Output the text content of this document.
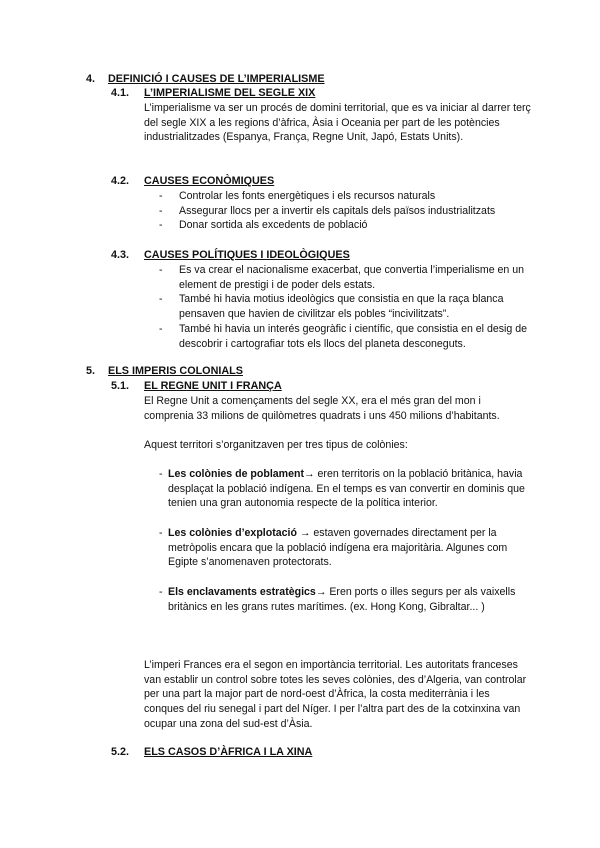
4. DEFINICIÓ I CAUSES DE L’IMPERIALISME
4.1. L’IMPERIALISME DEL SEGLE XIX

L’imperialisme va ser un procés de domini territorial, que es va iniciar al darrer terç del segle XIX a les regions d’àfrica, Àsia i Oceania per part de les potències industrialitzades (Espanya, França, Regne Unit, Japó, Estats Units).

4.2. CAUSES ECONÒMIQUES
- Controlar les fonts energètiques i els recursos naturals
- Assegurar llocs per a invertir els capitals dels països industrialitzats
- Donar sortida als excedents de població
4.3. CAUSES POLÍTIQUES I IDEOLÒGIQUES
- Es va crear el nacionalisme exacerbat, que convertia l’imperialisme en un element de prestigi i de poder dels estats.
- També hi havia motius ideològics que consistia en que la raça blanca pensaven que havien de civilitzar els pobles “incivilitzats”.
- També hi havia un interés geogràfic i científic, que consistia en el desig de descobrir i cartografiar tots els llocs del planeta desconeguts.
5. ELS IMPERIS COLONIALS
5.1. EL REGNE UNIT I FRANÇA

El Regne Unit a començaments del segle XX, era el més gran del mon i comprenia 33 milions de quilòmetres quadrats i uns 450 milions d’habitants.

Aquest territori s’organitzaven per tres tipus de colònies:

- Les colònies de poblament→ eren territoris on la població britànica, havia desplaçat la població indígena. En el temps es van convertir en dominis que tenien una gran autonomia respecte de la política interior.
- Les colònies d’explotació → estaven governades directament per la metròpolis encara que la població indígena era majoritària. Algunes com Egipte s’anomenaven protectorats.
- Els enclavaments estratègics→ Eren ports o illes segurs per als vaixells britànics en les grans rutes marítimes. (ex. Hong Kong, Gibraltar... )

L’imperi Frances era el segon en importància territorial. Les autoritats franceses van establir un control sobre totes les seves colònies, des d’Algeria, van controlar per una part la major part de nord-oest d’Àfrica, la costa mediterrània i les conques del riu senegal i part del Níger. I per l’altra part des de la cotxinxina van ocupar una zona del sud-est d’Àsia.

5.2. ELS CASOS D’ÀFRICA I LA XINA
